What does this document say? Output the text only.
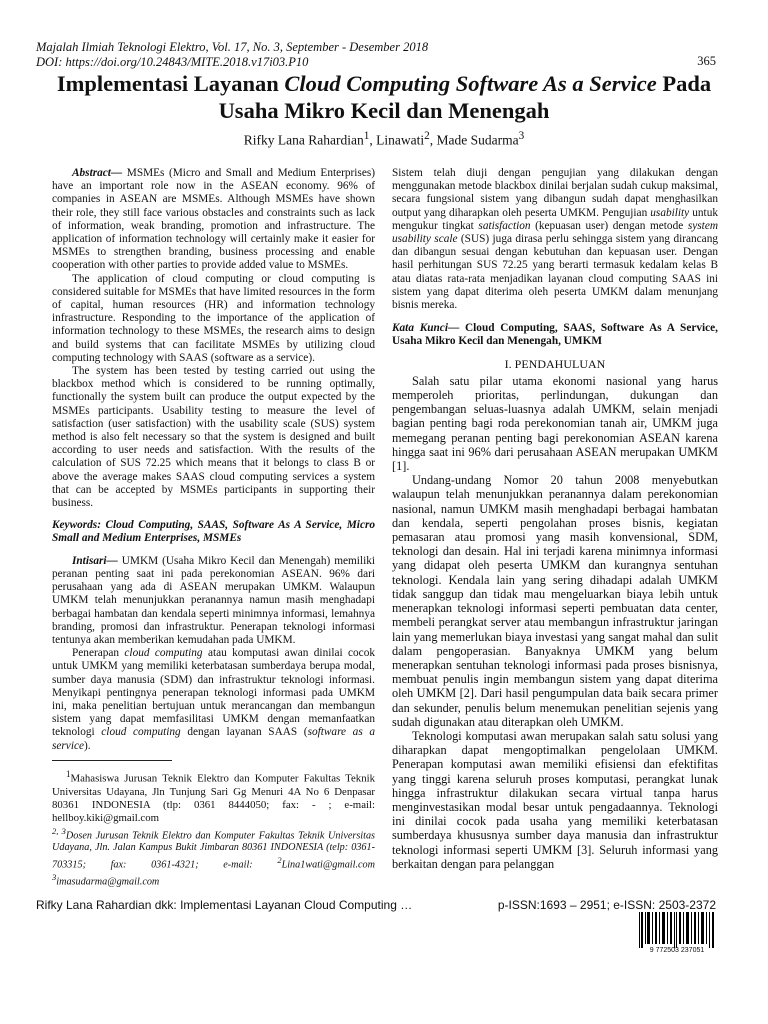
Majalah Ilmiah Teknologi Elektro, Vol. 17, No. 3, September - Desember 2018
DOI: https://doi.org/10.24843/MITE.2018.v17i03.P10	365
Implementasi Layanan Cloud Computing Software As a Service Pada Usaha Mikro Kecil dan Menengah
Rifky Lana Rahardian$^1$, Linawati$^2$, Made Sudarma$^3$

Abstract— MSMEs (Micro and Small and Medium Enterprises) have an important role now in the ASEAN economy. 96% of companies in ASEAN are MSMEs. Although MSMEs have shown their role, they still face various obstacles and constraints such as lack of information, weak branding, promotion and infrastructure. The application of information technology will certainly make it easier for MSMEs to strengthen branding, business processing and enable cooperation with other parties to provide added value to MSMEs.

The application of cloud computing or cloud computing is considered suitable for MSMEs that have limited resources in the form of capital, human resources (HR) and information technology infrastructure. Responding to the importance of the application of information technology to these MSMEs, the research aims to design and build systems that can facilitate MSMEs by utilizing cloud computing technology with SAAS (software as a service).

The system has been tested by testing carried out using the blackbox method which is considered to be running optimally, functionally the system built can produce the output expected by the MSMEs participants. Usability testing to measure the level of satisfaction (user satisfaction) with the usability scale (SUS) system method is also felt necessary so that the system is designed and built according to user needs and satisfaction. With the results of the calculation of SUS 72.25 which means that it belongs to class B or above the average makes SAAS cloud computing services a system that can be accepted by MSMEs participants in supporting their business.

Keywords: Cloud Computing, SAAS, Software As A Service, Micro Small and Medium Enterprises, MSMEs

Intisari— UMKM (Usaha Mikro Kecil dan Menengah) memiliki peranan penting saat ini pada perekonomian ASEAN. 96% dari perusahaan yang ada di ASEAN merupakan UMKM. Walaupun UMKM telah menunjukkan peranannya namun masih menghadapi berbagai hambatan dan kendala seperti minimnya informasi, lemahnya branding, promosi dan infrastruktur. Penerapan teknologi informasi tentunya akan memberikan kemudahan pada UMKM.

Penerapan cloud computing atau komputasi awan dinilai cocok untuk UMKM yang memiliki keterbatasan sumberdaya berupa modal, sumber daya manusia (SDM) dan infrastruktur teknologi informasi. Menyikapi pentingnya penerapan teknologi informasi pada UMKM ini, maka penelitian bertujuan untuk merancangan dan membangun sistem yang dapat memfasilitasi UMKM dengan memanfaatkan teknologi cloud computing dengan layanan SAAS (software as a service).

$^1$Mahasiswa Jurusan Teknik Elektro dan Komputer Fakultas Teknik Universitas Udayana, Jln Tunjung Sari Gg Menuri 4A No 6 Denpasar 80361 INDONESIA (tlp: 0361 8444050; fax: - ; e-mail: hellboy.kiki@gmail.com

$^{2, 3}$Dosen Jurusan Teknik Elektro dan Komputer Fakultas Teknik Universitas Udayana, Jln. Jalan Kampus Bukit Jimbaran 80361 INDONESIA (telp: 0361-703315; fax: 0361-4321; e-mail:	$^2$Lina1wati@gmail.com $^3$imasudarma@gmail.com

Sistem telah diuji dengan pengujian yang dilakukan dengan menggunakan metode blackbox dinilai berjalan sudah cukup maksimal, secara fungsional sistem yang dibangun sudah dapat menghasilkan output yang diharapkan oleh peserta UMKM. Pengujian usability untuk mengukur tingkat satisfaction (kepuasan user) dengan metode system usability scale (SUS) juga dirasa perlu sehingga sistem yang dirancang dan dibangun sesuai dengan kebutuhan dan kepuasan user. Dengan hasil perhitungan SUS 72.25 yang berarti termasuk kedalam kelas B atau diatas rata-rata menjadikan layanan cloud computing SAAS ini sistem yang dapat diterima oleh peserta UMKM dalam menunjang bisnis mereka.

Kata Kunci— Cloud Computing, SAAS, Software As A Service, Usaha Mikro Kecil dan Menengah, UMKM

I. PENDAHULUAN

Salah satu pilar utama ekonomi nasional yang harus memperoleh prioritas, perlindungan, dukungan dan pengembangan seluas-luasnya adalah UMKM, selain menjadi bagian penting bagi roda perekonomian tanah air, UMKM juga memegang peranan penting bagi perekonomian ASEAN karena hingga saat ini 96% dari perusahaan ASEAN merupakan UMKM [1].

Undang-undang Nomor 20 tahun 2008 menyebutkan walaupun telah menunjukkan peranannya dalam perekonomian nasional, namun UMKM masih menghadapi berbagai hambatan dan kendala, seperti pengolahan proses bisnis, kegiatan pemasaran atau promosi yang masih konvensional, SDM, teknologi dan desain. Hal ini terjadi karena minimnya informasi yang didapat oleh peserta UMKM dan kurangnya sentuhan teknologi. Kendala lain yang sering dihadapi adalah UMKM tidak sanggup dan tidak mau mengeluarkan biaya lebih untuk menerapkan teknologi informasi seperti pembuatan data center, membeli perangkat server atau membangun infrastruktur jaringan lain yang memerlukan biaya investasi yang sangat mahal dan sulit dalam pengoperasian. Banyaknya UMKM yang belum menerapkan sentuhan teknologi informasi pada proses bisnisnya, membuat penulis ingin membangun sistem yang dapat diterima oleh UMKM [2]. Dari hasil pengumpulan data baik secara primer dan sekunder, penulis belum menemukan penelitian sejenis yang sudah digunakan atau diterapkan oleh UMKM.

Teknologi komputasi awan merupakan salah satu solusi yang diharapkan dapat mengoptimalkan pengelolaan UMKM. Penerapan komputasi awan memiliki efisiensi dan efektifitas yang tinggi karena seluruh proses komputasi, perangkat lunak hingga infrastruktur dilakukan secara virtual tanpa harus menginvestasikan modal besar untuk pengadaannya. Teknologi ini dinilai cocok pada usaha yang memiliki keterbatasan sumberdaya khususnya sumber daya manusia dan infrastruktur teknologi informasi seperti UMKM [3]. Seluruh informasi yang berkaitan dengan para pelanggan

Rifky Lana Rahardian dkk: Implementasi Layanan Cloud Computing …	p-ISSN:1693 – 2951; e-ISSN: 2503-2372
9 772503 237051
